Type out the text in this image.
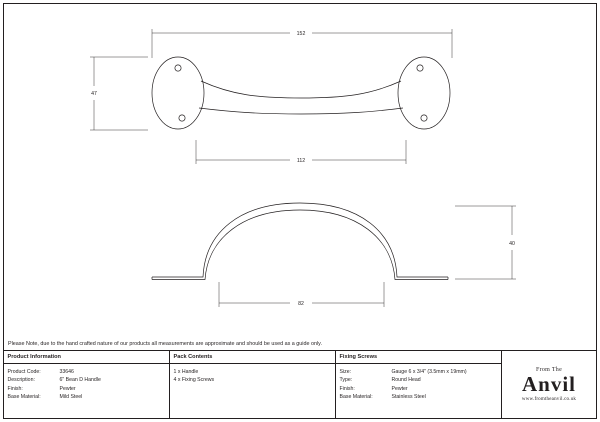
152
47
112
40
82
Please Note, due to the hand crafted nature of our products all measurements are approximate and should be used as a guide only.
Product Information
Product Code:	33646
Description:	6" Bean D Handle
Finish:	Pewter
Base Material:	Mild Steel
Pack Contents
1 x Handle
4 x Fixing Screws
Fixing Screws
Size:	Gauge 6 x 3/4" (3.5mm x 19mm)
Type:	Round Head
Finish:	Pewter
Base Material:	Stainless Steel
From The
Anvil
www.fromtheanvil.co.uk
